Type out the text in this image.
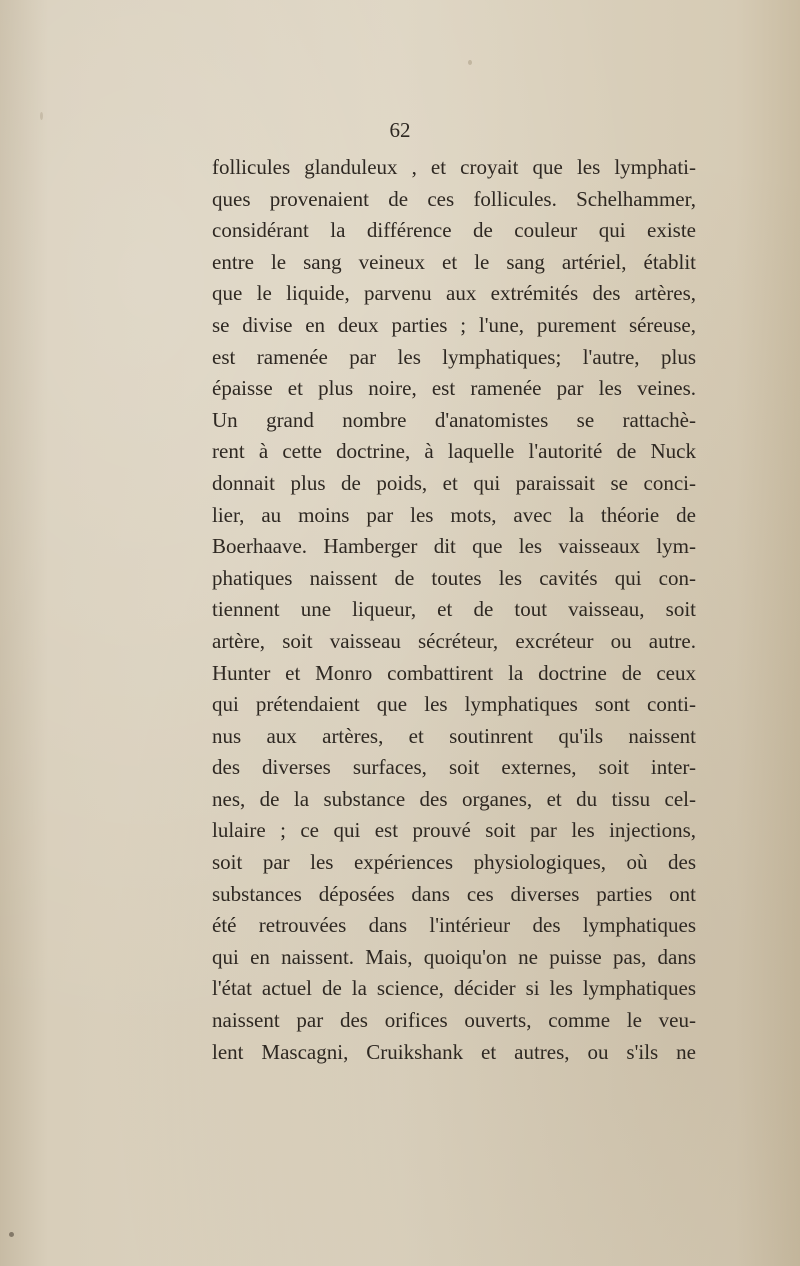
62
follicules glanduleux , et croyait que les lymphati-
ques provenaient de ces follicules. Schelhammer,
considérant la différence de couleur qui existe
entre le sang veineux et le sang artériel, établit
que le liquide, parvenu aux extrémités des artères,
se divise en deux parties ; l'une, purement séreuse,
est ramenée par les lymphatiques; l'autre, plus
épaisse et plus noire, est ramenée par les veines.
Un grand nombre d'anatomistes se rattachè-
rent à cette doctrine, à laquelle l'autorité de Nuck
donnait plus de poids, et qui paraissait se conci-
lier, au moins par les mots, avec la théorie de
Boerhaave. Hamberger dit que les vaisseaux lym-
phatiques naissent de toutes les cavités qui con-
tiennent une liqueur, et de tout vaisseau, soit
artère, soit vaisseau sécréteur, excréteur ou autre.
Hunter et Monro combattirent la doctrine de ceux
qui prétendaient que les lymphatiques sont conti-
nus aux artères, et soutinrent qu'ils naissent
des diverses surfaces, soit externes, soit inter-
nes, de la substance des organes, et du tissu cel-
lulaire ; ce qui est prouvé soit par les injections,
soit par les expériences physiologiques, où des
substances déposées dans ces diverses parties ont
été retrouvées dans l'intérieur des lymphatiques
qui en naissent. Mais, quoiqu'on ne puisse pas, dans
l'état actuel de la science, décider si les lymphatiques
naissent par des orifices ouverts, comme le veu-
lent Mascagni, Cruikshank et autres, ou s'ils ne
